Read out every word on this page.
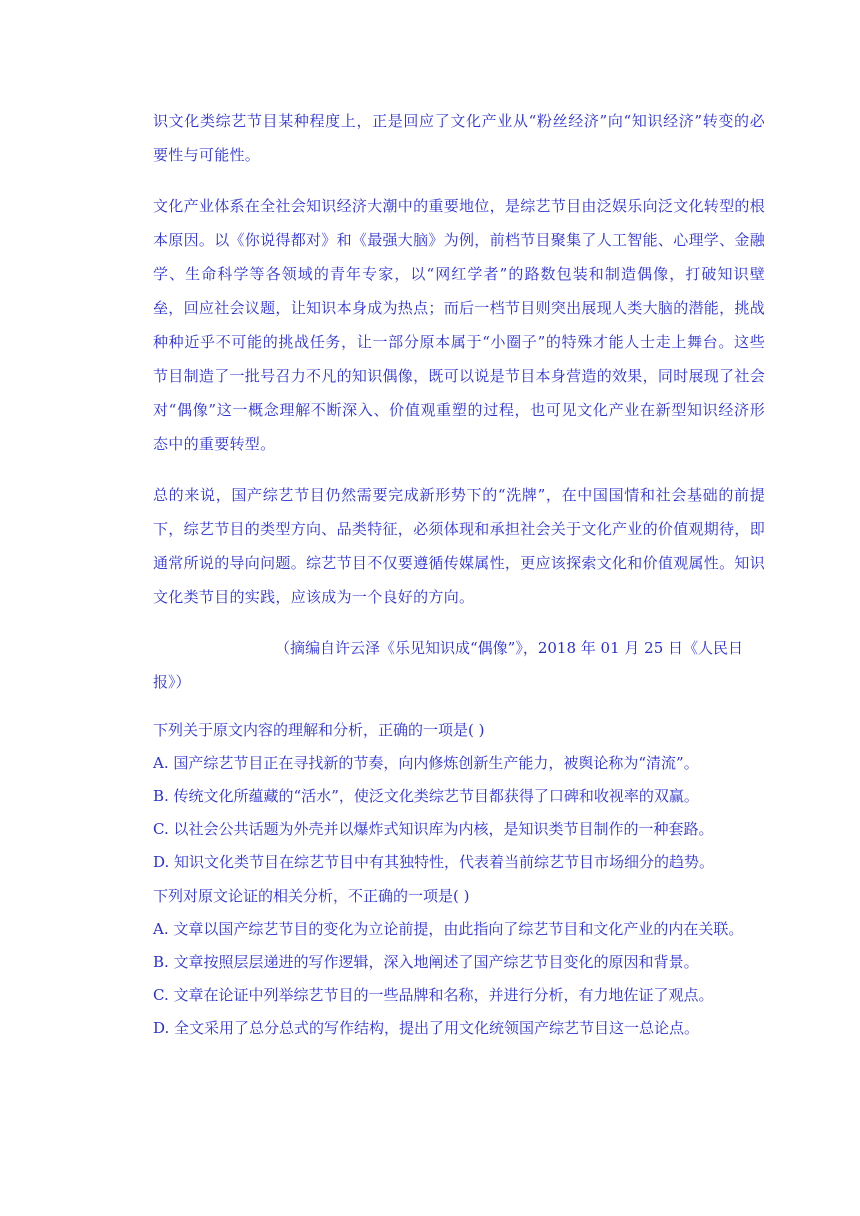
识文化类综艺节目某种程度上，正是回应了文化产业从“粉丝经济”向“知识经济”转变的必要性与可能性。

文化产业体系在全社会知识经济大潮中的重要地位，是综艺节目由泛娱乐向泛文化转型的根本原因。以《你说得都对》和《最强大脑》为例，前档节目聚集了人工智能、心理学、金融学、生命科学等各领域的青年专家，以“网红学者”的路数包装和制造偶像，打破知识壁垒，回应社会议题，让知识本身成为热点；而后一档节目则突出展现人类大脑的潜能，挑战种种近乎不可能的挑战任务，让一部分原本属于“小圈子”的特殊才能人士走上舞台。这些节目制造了一批号召力不凡的知识偶像，既可以说是节目本身营造的效果，同时展现了社会对“偶像”这一概念理解不断深入、价值观重塑的过程，也可见文化产业在新型知识经济形态中的重要转型。

总的来说，国产综艺节目仍然需要完成新形势下的“洗牌”，在中国国情和社会基础的前提下，综艺节目的类型方向、品类特征，必须体现和承担社会关于文化产业的价值观期待，即通常所说的导向问题。综艺节目不仅要遵循传媒属性，更应该探索文化和价值观属性。知识文化类节目的实践，应该成为一个良好的方向。

（摘编自许云泽《乐见知识成“偶像”》，2018 年 01 月 25 日《人民日
报》）

下列关于原文内容的理解和分析，正确的一项是( )

A. 国产综艺节目正在寻找新的节奏，向内修炼创新生产能力，被舆论称为“清流”。

B. 传统文化所蕴藏的“活水”，使泛文化类综艺节目都获得了口碑和收视率的双赢。

C. 以社会公共话题为外壳并以爆炸式知识库为内核，是知识类节目制作的一种套路。

D. 知识文化类节目在综艺节目中有其独特性，代表着当前综艺节目市场细分的趋势。

下列对原文论证的相关分析，不正确的一项是( )

A. 文章以国产综艺节目的变化为立论前提，由此指向了综艺节目和文化产业的内在关联。

B. 文章按照层层递进的写作逻辑，深入地阐述了国产综艺节目变化的原因和背景。

C. 文章在论证中列举综艺节目的一些品牌和名称，并进行分析，有力地佐证了观点。

D. 全文采用了总分总式的写作结构，提出了用文化统领国产综艺节目这一总论点。
